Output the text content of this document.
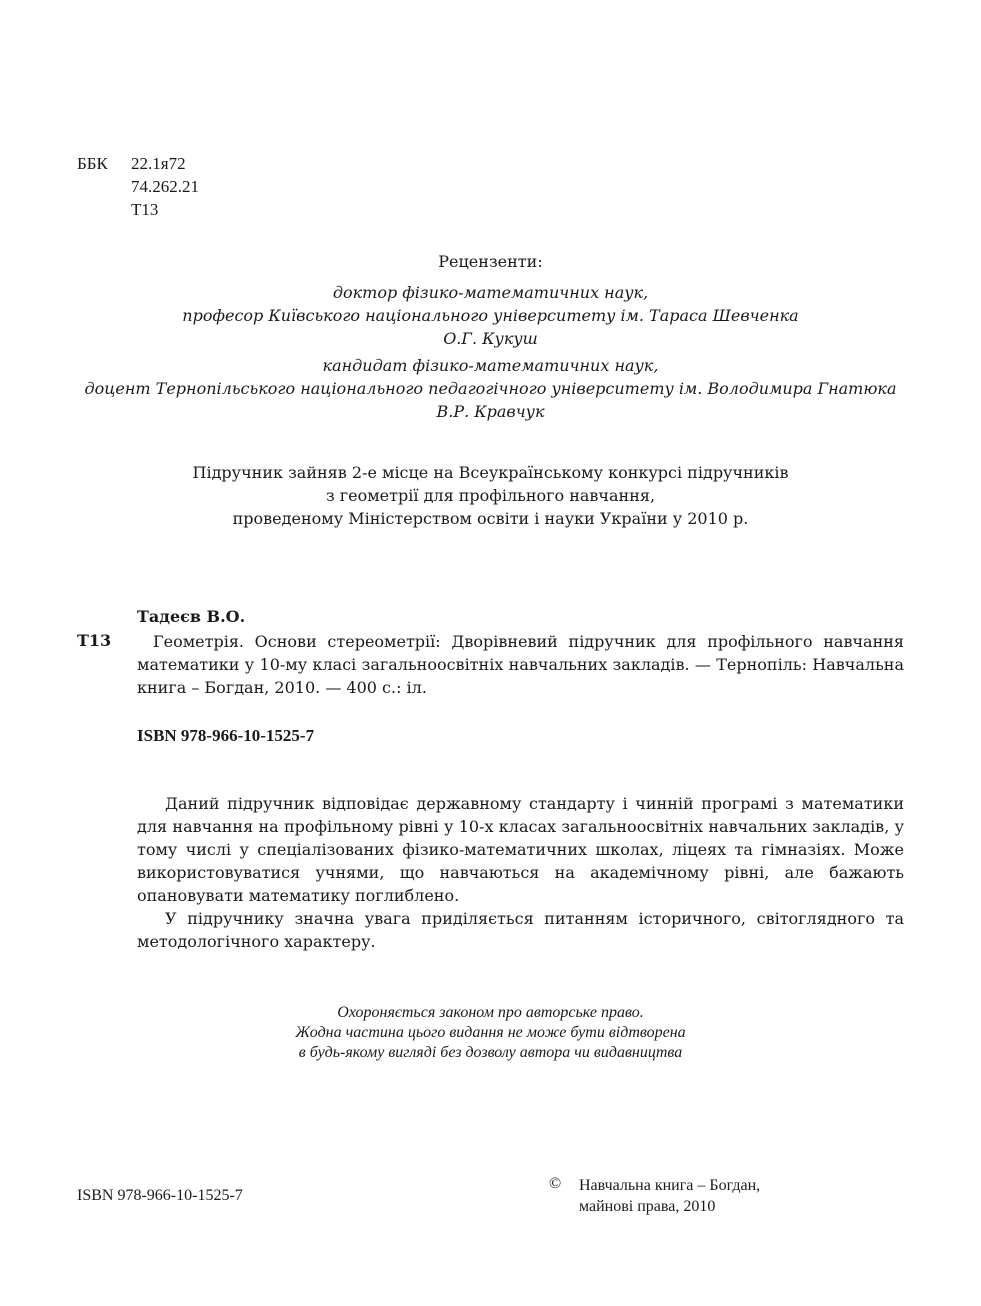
ББК	22.1я72
74.262.21
Т13
Рецензенти:
доктор фізико-математичних наук,
професор Київського національного університету ім. Тараса Шевченка
О.Г. Кукуш
кандидат фізико-математичних наук,
доцент Тернопільського національного педагогічного університету ім. Володимира Гнатюка
В.Р. Кравчук
Підручник зайняв 2-е місце на Всеукраїнському конкурсі підручників
з геометрії для профільного навчання,
проведеному Міністерством освіти і науки України у 2010 р.
Тадеєв В.О.
Т13	Геометрія. Основи стереометрії: Дворівневий підручник для профільного навчання математики у 10-му класі загальноосвітніх навчальних закладів. — Тернопіль: Навчальна книга – Богдан, 2010. — 400 с.: іл.
ISBN 978-966-10-1525-7

Даний підручник відповідає державному стандарту і чинній програмі з математики для навчання на профільному рівні у 10-х класах загальноосвітніх навчальних закладів, у тому числі у спеціалізованих фізико-математичних школах, ліцеях та гімназіях. Може використовуватися учнями, що навчаються на академічному рівні, але бажають опановувати математику поглиблено.

У підручнику значна увага приділяється питанням історичного, світоглядного та методологічного характеру.

Охороняється законом про авторське право.
Жодна частина цього видання не може бути відтворена
в будь-якому вигляді без дозволу автора чи видавництва
ISBN 978-966-10-1525-7
© Навчальна книга – Богдан,
майнові права, 2010
